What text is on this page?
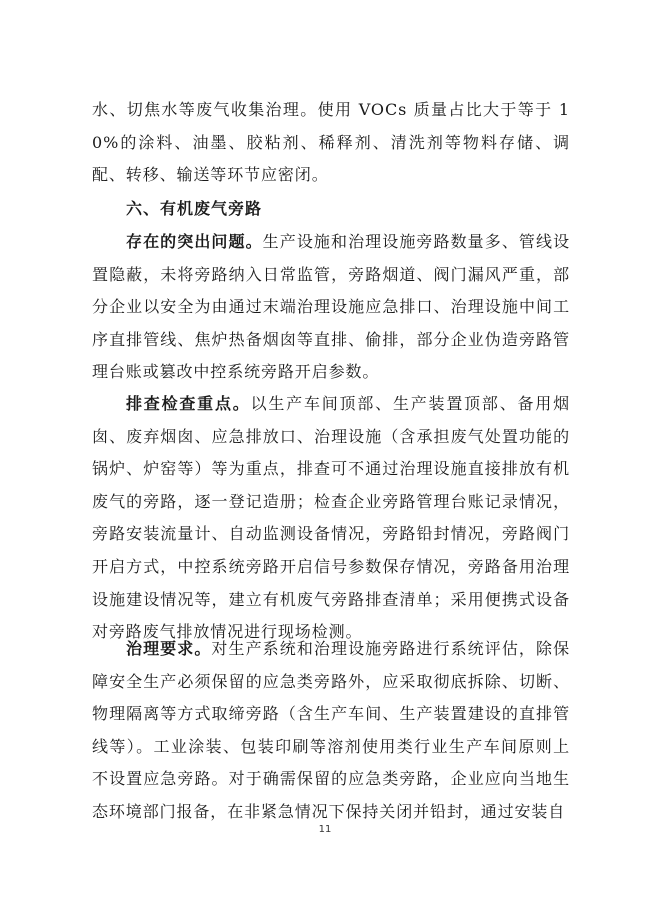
水、切焦水等废气收集治理。使用 VOCs 质量占比大于等于 10%的涂料、油墨、胶粘剂、稀释剂、清洗剂等物料存储、调配、转移、输送等环节应密闭。

六、有机废气旁路

存在的突出问题。生产设施和治理设施旁路数量多、管线设置隐蔽，未将旁路纳入日常监管，旁路烟道、阀门漏风严重，部分企业以安全为由通过末端治理设施应急排口、治理设施中间工序直排管线、焦炉热备烟囱等直排、偷排，部分企业伪造旁路管理台账或篡改中控系统旁路开启参数。

排查检查重点。以生产车间顶部、生产装置顶部、备用烟囱、废弃烟囱、应急排放口、治理设施（含承担废气处置功能的锅炉、炉窑等）等为重点，排查可不通过治理设施直接排放有机废气的旁路，逐一登记造册；检查企业旁路管理台账记录情况，旁路安装流量计、自动监测设备情况，旁路铅封情况，旁路阀门开启方式，中控系统旁路开启信号参数保存情况，旁路备用治理设施建设情况等，建立有机废气旁路排查清单；采用便携式设备对旁路废气排放情况进行现场检测。

治理要求。对生产系统和治理设施旁路进行系统评估，除保障安全生产必须保留的应急类旁路外，应采取彻底拆除、切断、物理隔离等方式取缔旁路（含生产车间、生产装置建设的直排管线等）。工业涂装、包装印刷等溶剂使用类行业生产车间原则上不设置应急旁路。对于确需保留的应急类旁路，企业应向当地生态环境部门报备，在非紧急情况下保持关闭并铅封，通过安装自

11
